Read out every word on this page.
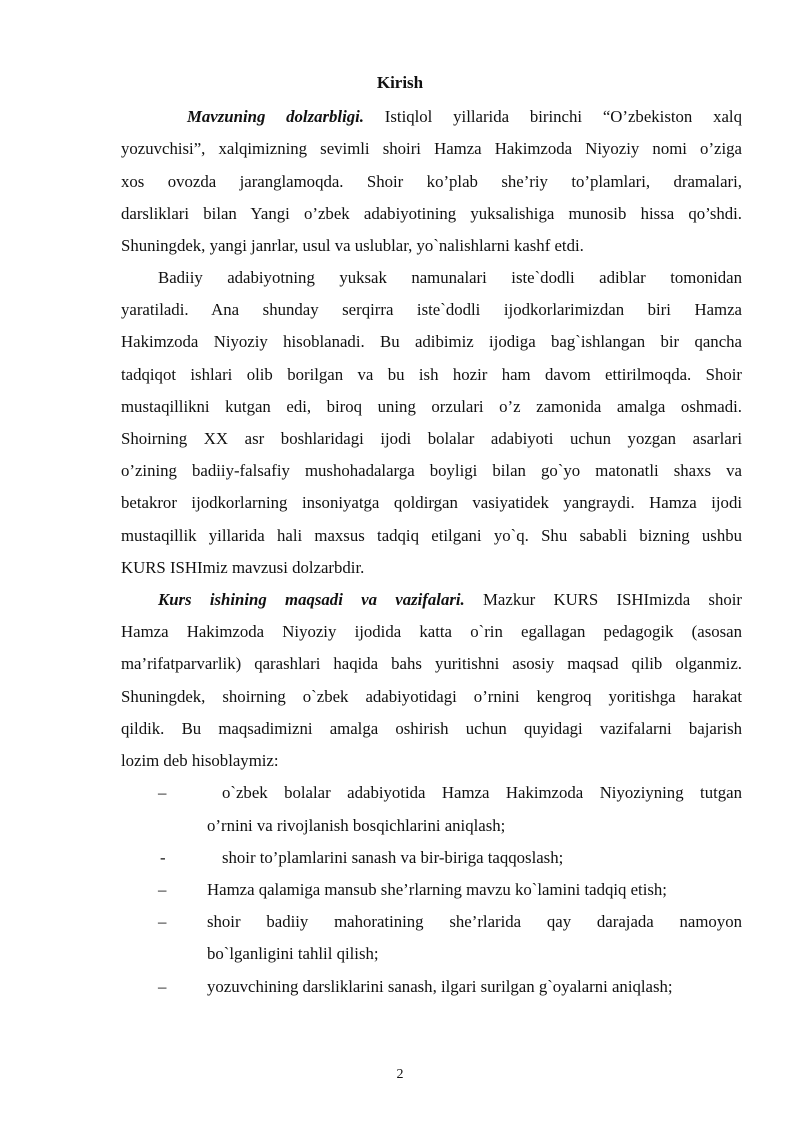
Kirish
Mavzuning dolzarbligi. Istiqlol yillarida birinchi “O’zbekiston xalq
yozuvchisi”, xalqimizning sevimli shoiri Hamza Hakimzoda Niyoziy nomi o’ziga
xos ovozda jaranglamoqda. Shoir ko’plab she’riy to’plamlari, dramalari,
darsliklari bilan Yangi o’zbek adabiyotining yuksalishiga munosib hissa qo’shdi.
Shuningdek, yangi janrlar, usul va uslublar, yo`nalishlarni kashf etdi.
Badiiy adabiyotning yuksak namunalari iste`dodli adiblar tomonidan
yaratiladi. Ana shunday serqirra iste`dodli ijodkorlarimizdan biri Hamza
Hakimzoda Niyoziy hisoblanadi. Bu adibimiz ijodiga bag`ishlangan bir qancha
tadqiqot ishlari olib borilgan va bu ish hozir ham davom ettirilmoqda. Shoir
mustaqillikni kutgan edi, biroq uning orzulari o’z zamonida amalga oshmadi.
Shoirning XX asr boshlaridagi ijodi bolalar adabiyoti uchun yozgan asarlari
o’zining badiiy-falsafiy mushohadalarga boyligi bilan go`yo matonatli shaxs va
betakror ijodkorlarning insoniyatga qoldirgan vasiyatidek yangraydi. Hamza ijodi
mustaqillik yillarida hali maxsus tadqiq etilgani yo`q. Shu sababli bizning ushbu
KURS ISHImiz mavzusi dolzarbdir.
Kurs ishining maqsadi va vazifalari. Mazkur KURS ISHImizda shoir
Hamza Hakimzoda Niyoziy ijodida katta o`rin egallagan pedagogik (asosan
ma’rifatparvarlik) qarashlari haqida bahs yuritishni asosiy maqsad qilib olganmiz.
Shuningdek, shoirning o`zbek adabiyotidagi o’rnini kengroq yoritishga harakat
qildik. Bu maqsadimizni amalga oshirish uchun quyidagi vazifalarni bajarish
lozim deb hisoblaymiz:
–	o`zbek bolalar adabiyotida Hamza Hakimzoda Niyoziyning tutgan
o’rnini va rivojlanish bosqichlarini aniqlash;
-	shoir to’plamlarini sanash va bir-biriga taqqoslash;
– Hamza qalamiga mansub she’rlarning mavzu ko`lamini tadqiq etish;
– shoir badiiy mahoratining she’rlarida qay darajada namoyon
bo`lganligini tahlil qilish;
– yozuvchining darsliklarini sanash, ilgari surilgan g`oyalarni aniqlash;
2
